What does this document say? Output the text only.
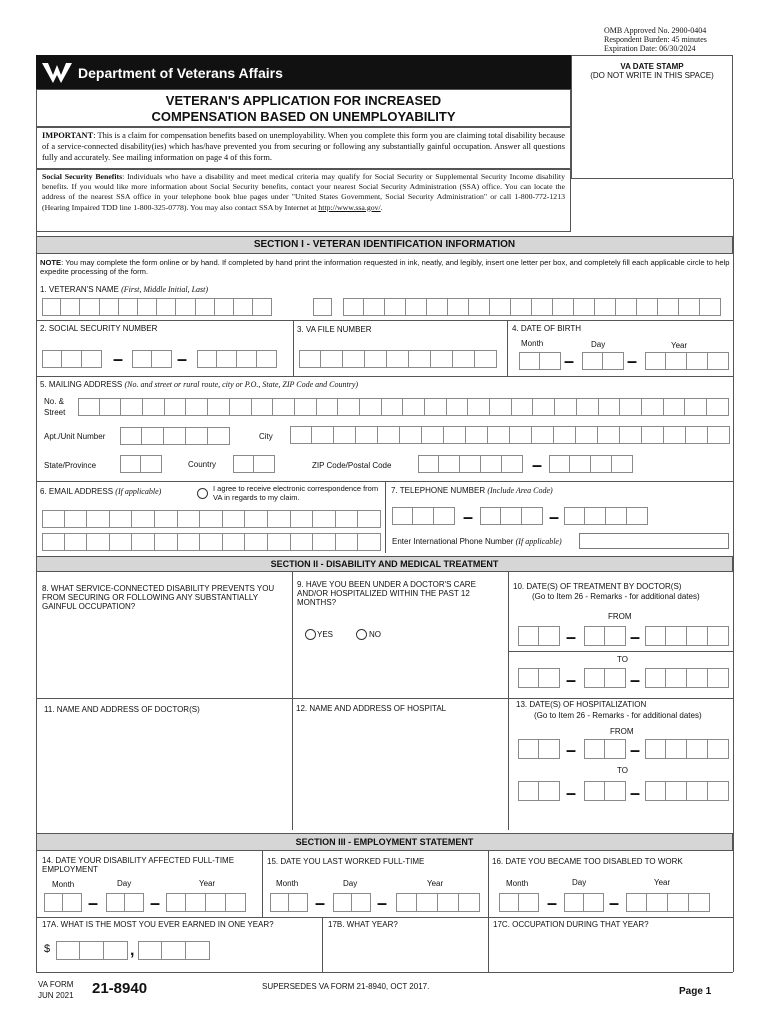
OMB Approved No. 2900-0404
Respondent Burden: 45 minutes
Expiration Date: 06/30/2024
Department of Veterans Affairs	VA DATE STAMP
(DO NOT WRITE IN THIS SPACE)
VETERAN'S APPLICATION FOR INCREASED
COMPENSATION BASED ON UNEMPLOYABILITY
IMPORTANT: This is a claim for compensation benefits based on unemployability. When you complete this form you are claiming total disability because of a service-connected disability(ies) which has/have prevented you from securing or following any substantially gainful occupation. Answer all questions fully and accurately. See mailing information on page 4 of this form.
Social Security Benefits: Individuals who have a disability and meet medical criteria may qualify for Social Security or Supplemental Security Income disability benefits. If you would like more information about Social Security benefits, contact your nearest Social Security Administration (SSA) office. You can locate the address of the nearest SSA office in your telephone book blue pages under "United States Government, Social Security Administration" or call 1-800-772-1213 (Hearing Impaired TDD line 1-800-325-0778). You may also contact SSA by Internet at http://www.ssa.gov/.
SECTION I - VETERAN IDENTIFICATION INFORMATION
NOTE: You may complete the form online or by hand. If completed by hand print the information requested in ink, neatly, and legibly, insert one letter per box, and completely fill each applicable circle to help expedite processing of the form.
1. VETERAN'S NAME (First, Middle Initial, Last)
2. SOCIAL SECURITY NUMBER	3. VA FILE NUMBER	4. DATE OF BIRTH
Month	Day	Year
–	–	–	–
5. MAILING ADDRESS (No. and street or rural route, city or P.O., State, ZIP Code and Country)
No. & Street
Apt./Unit Number	City
State/Province	Country	ZIP Code/Postal Code	–
6. EMAIL ADDRESS (If applicable)	I agree to receive electronic correspondence from VA in regards to my claim.
7. TELEPHONE NUMBER (Include Area Code)
–	–
Enter International Phone Number (If applicable)
SECTION II - DISABILITY AND MEDICAL TREATMENT
8. WHAT SERVICE-CONNECTED DISABILITY PREVENTS YOU FROM SECURING OR FOLLOWING ANY SUBSTANTIALLY GAINFUL OCCUPATION?
9. HAVE YOU BEEN UNDER A DOCTOR'S CARE AND/OR HOSPITALIZED WITHIN THE PAST 12 MONTHS?
YES	NO
10. DATE(S) OF TREATMENT BY DOCTOR(S)
(Go to Item 26 - Remarks - for additional dates)
FROM
–	–
TO
–	–
11. NAME AND ADDRESS OF DOCTOR(S)	12. NAME AND ADDRESS OF HOSPITAL	13. DATE(S) OF HOSPITALIZATION
(Go to Item 26 - Remarks - for additional dates)
FROM
–	–
TO
–	–
SECTION III - EMPLOYMENT STATEMENT
14. DATE YOUR DISABILITY AFFECTED FULL-TIME EMPLOYMENT
Month	Day	Year
–	–
15. DATE YOU LAST WORKED FULL-TIME
Month	Day	Year
–	–
16. DATE YOU BECAME TOO DISABLED TO WORK
Month	Day	Year
–	–
17A. WHAT IS THE MOST YOU EVER EARNED IN ONE YEAR?
$	,
17B. WHAT YEAR?	17C. OCCUPATION DURING THAT YEAR?
VA FORM
JUN 2021 21-8940	SUPERSEDES VA FORM 21-8940, OCT 2017.	Page 1
